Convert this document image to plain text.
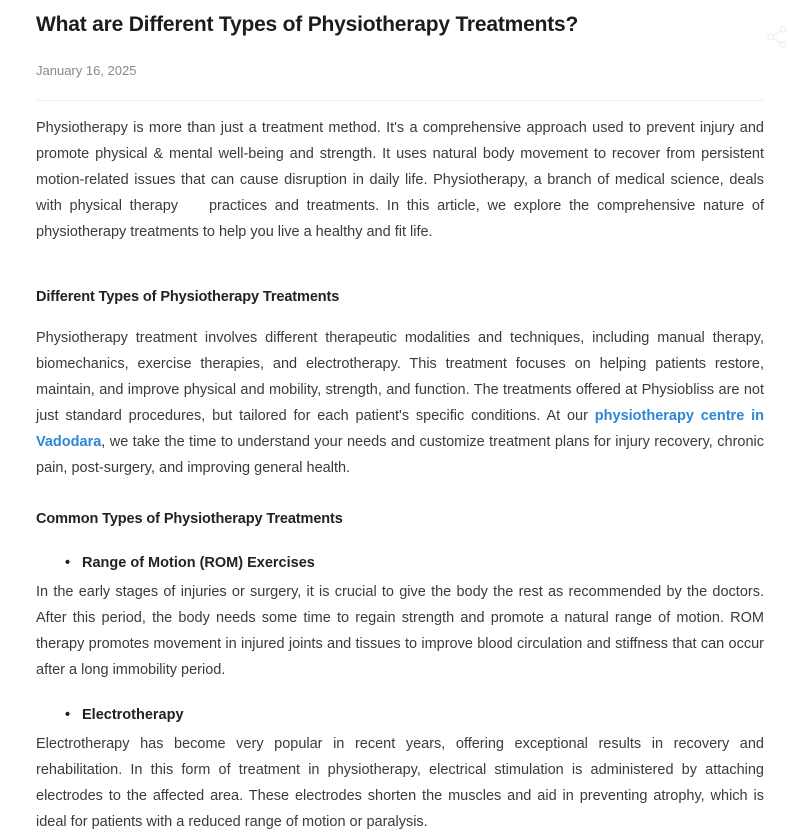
What are Different Types of Physiotherapy Treatments?
January 16, 2025

Physiotherapy is more than just a treatment method. It's a comprehensive approach used to prevent injury and promote physical & mental well-being and strength. It uses natural body movement to recover from persistent motion-related issues that can cause disruption in daily life. Physiotherapy, a branch of medical science, deals with physical therapy    practices and treatments. In this article, we explore the comprehensive nature of physiotherapy treatments to help you live a healthy and fit life.

Different Types of Physiotherapy Treatments

Physiotherapy treatment involves different therapeutic modalities and techniques, including manual therapy, biomechanics, exercise therapies, and electrotherapy. This treatment focuses on helping patients restore, maintain, and improve physical and mobility, strength, and function. The treatments offered at Physiobliss are not just standard procedures, but tailored for each patient's specific conditions. At our physiotherapy centre in Vadodara, we take the time to understand your needs and customize treatment plans for injury recovery, chronic pain, post-surgery, and improving general health.

Common Types of Physiotherapy Treatments
• Range of Motion (ROM) Exercises

In the early stages of injuries or surgery, it is crucial to give the body the rest as recommended by the doctors. After this period, the body needs some time to regain strength and promote a natural range of motion. ROM therapy promotes movement in injured joints and tissues to improve blood circulation and stiffness that can occur after a long immobility period.

• Electrotherapy

Electrotherapy has become very popular in recent years, offering exceptional results in recovery and rehabilitation. In this form of treatment in physiotherapy, electrical stimulation is administered by attaching electrodes to the affected area. These electrodes shorten the muscles and aid in preventing atrophy, which is ideal for patients with a reduced range of motion or paralysis.
